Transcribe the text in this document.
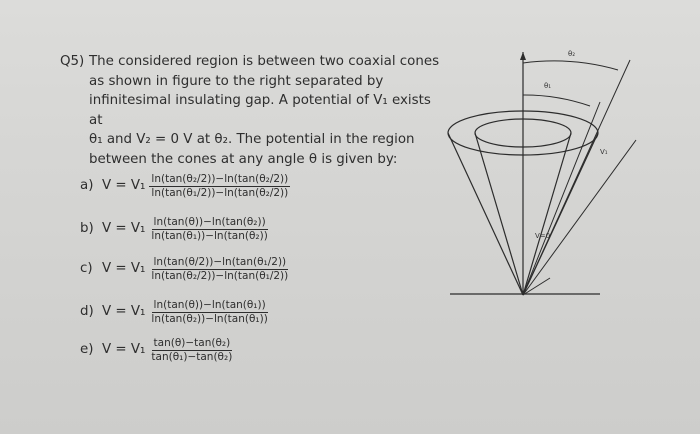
Q5) The considered region is between two coaxial cones
as shown in figure to the right separated by
infinitesimal insulating gap. A potential of V₁ exists at
θ₁ and V₂ = 0 V at θ₂. The potential in the region
between the cones at any angle θ is given by:
a) $V = V_1 \frac{\text{ln(tan(θ₂/2))−ln(tan(θ₂/2))}}{\text{ln(tan(θ₁/2))−ln(tan(θ₂/2))}}$
b) $V = V_1 \frac{\text{ln(tan(θ))−ln(tan(θ₂))}}{\text{ln(tan(θ₁))−ln(tan(θ₂))}}$
c) $V = V_1 \frac{\text{ln(tan(θ/2))−ln(tan(θ₁/2))}}{\text{ln(tan(θ₂/2))−ln(tan(θ₁/2))}}$
d) $V = V_1 \frac{\text{ln(tan(θ))−ln(tan(θ₁))}}{\text{ln(tan(θ₂))−ln(tan(θ₁))}}$
e) $V = V_1 \frac{\text{tan(θ)−tan(θ₂)}}{\text{tan(θ₁)−tan(θ₂)}}$
θ₂
θ₁
V₁
V=0
